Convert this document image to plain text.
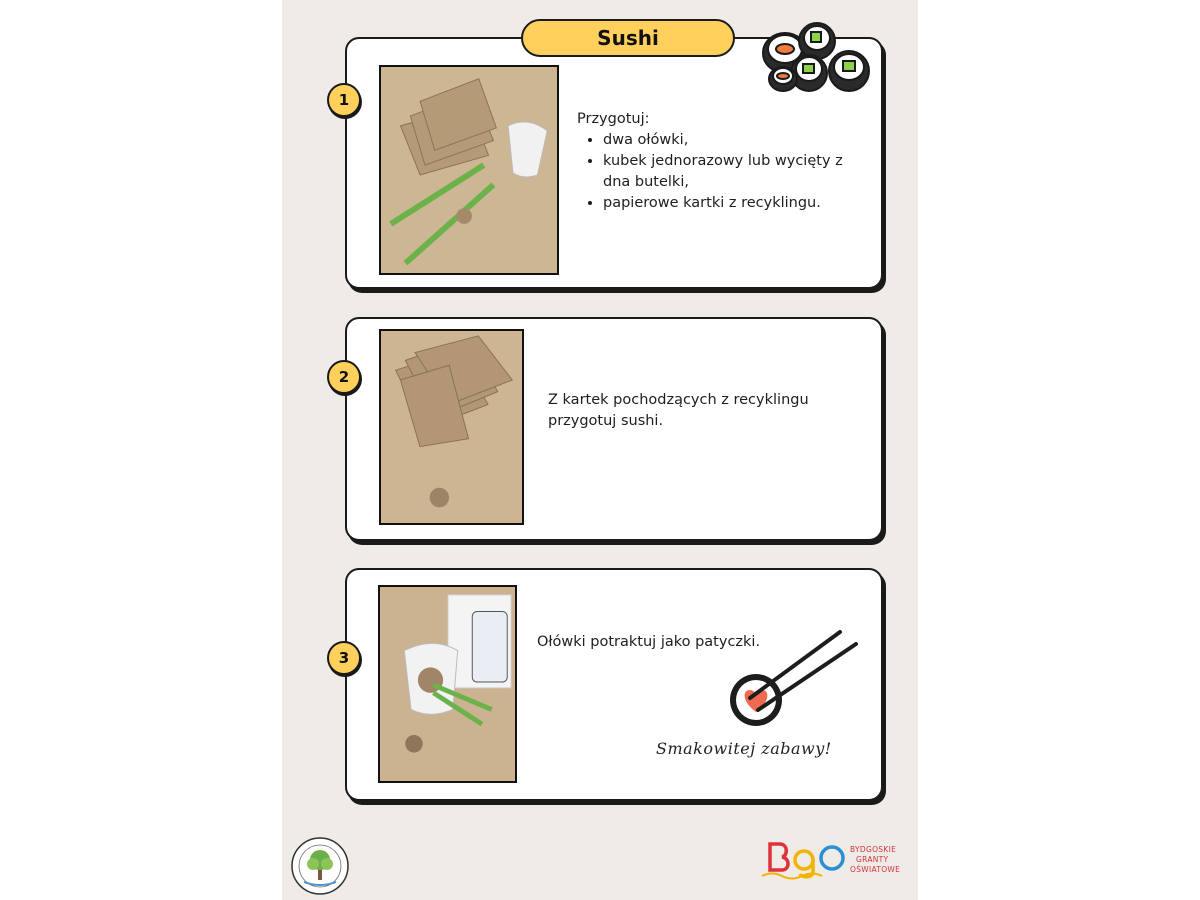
Sushi
1
Przygotuj:
• dwa ołówki,
• kubek jednorazowy lub wycięty z dna butelki,
• papierowe kartki z recyklingu.
2
Z kartek pochodzących z recyklingu przygotuj sushi.
3
Ołówki potraktuj jako patyczki.
Smakowitej zabawy!
BYDGOSKIE
GRANTY
OŚWIATOWE
